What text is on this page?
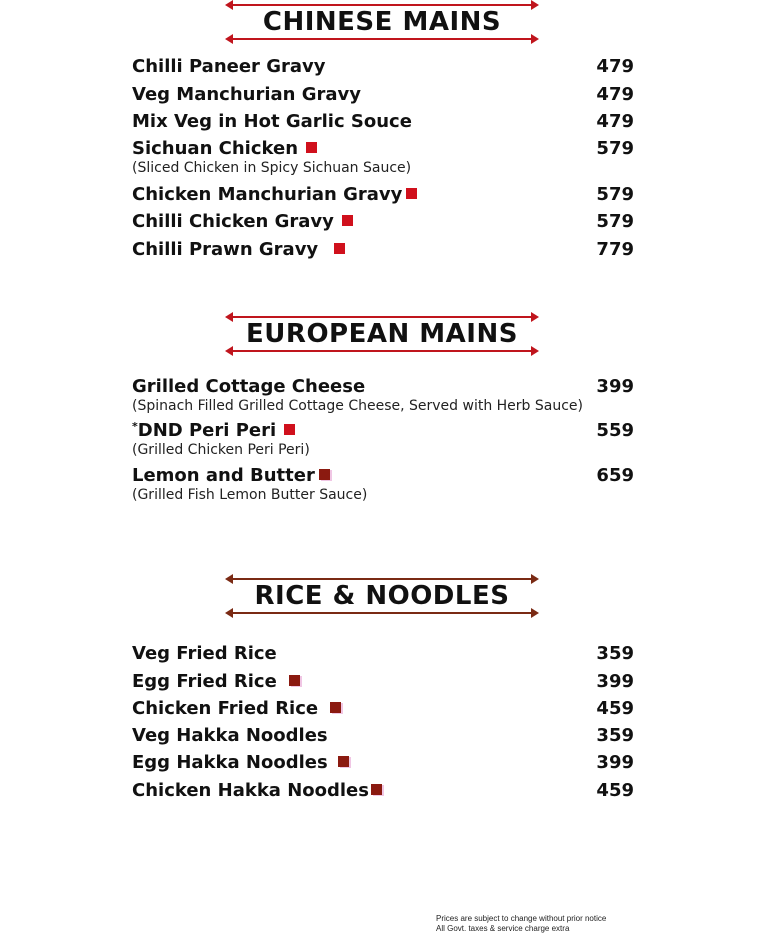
CHINESE MAINS
Chilli Paneer Gravy	479
Veg Manchurian Gravy	479
Mix Veg in Hot Garlic Souce	479
Sichuan Chicken	579
(Sliced Chicken in Spicy Sichuan Sauce)
Chicken Manchurian Gravy	579
Chilli Chicken Gravy	579
Chilli Prawn Gravy	779
EUROPEAN MAINS
Grilled Cottage Cheese	399
(Spinach Filled Grilled Cottage Cheese, Served with Herb Sauce)
*DND Peri Peri	559
(Grilled Chicken Peri Peri)
Lemon and Butter	659
(Grilled Fish Lemon Butter Sauce)
RICE & NOODLES
Veg Fried Rice	359
Egg Fried Rice	399
Chicken Fried Rice	459
Veg Hakka Noodles	359
Egg Hakka Noodles	399
Chicken Hakka Noodles	459
Prices are subject to change without prior notice
All Govt. taxes & service charge extra
